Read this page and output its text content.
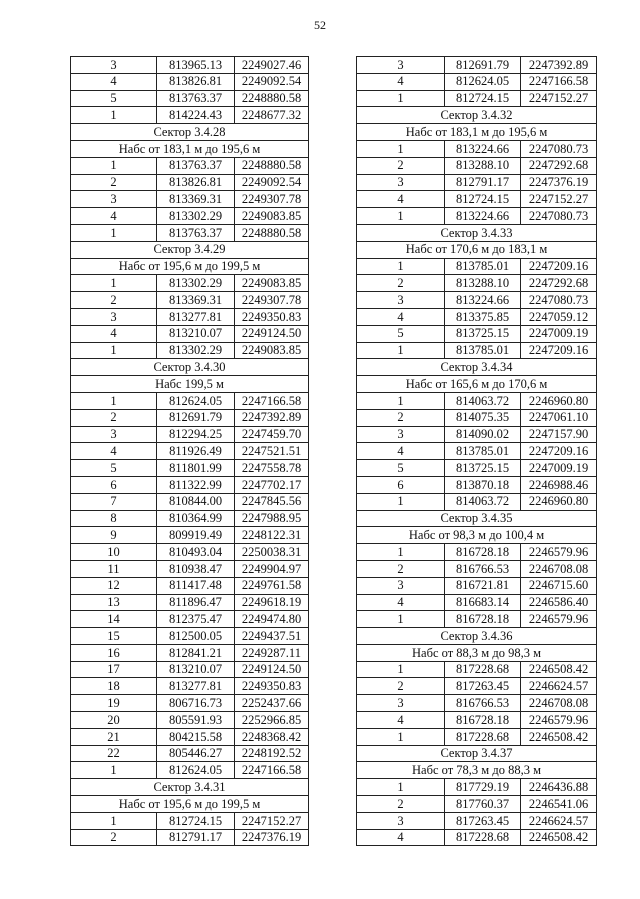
52
3	813965.13	2249027.46
4	813826.81	2249092.54
5	813763.37	2248880.58
1	814224.43	2248677.32
Сектор 3.4.28		
Набс от 183,1 м до 195,6 м		
1	813763.37	2248880.58
2	813826.81	2249092.54
3	813369.31	2249307.78
4	813302.29	2249083.85
1	813763.37	2248880.58
Сектор 3.4.29		
Набс от 195,6 м до 199,5 м		
1	813302.29	2249083.85
2	813369.31	2249307.78
3	813277.81	2249350.83
4	813210.07	2249124.50
1	813302.29	2249083.85
Сектор 3.4.30		
Набс 199,5 м		
1	812624.05	2247166.58
2	812691.79	2247392.89
3	812294.25	2247459.70
4	811926.49	2247521.51
5	811801.99	2247558.78
6	811322.99	2247702.17
7	810844.00	2247845.56
8	810364.99	2247988.95
9	809919.49	2248122.31
10	810493.04	2250038.31
11	810938.47	2249904.97
12	811417.48	2249761.58
13	811896.47	2249618.19
14	812375.47	2249474.80
15	812500.05	2249437.51
16	812841.21	2249287.11
17	813210.07	2249124.50
18	813277.81	2249350.83
19	806716.73	2252437.66
20	805591.93	2252966.85
21	804215.58	2248368.42
22	805446.27	2248192.52
1	812624.05	2247166.58
Сектор 3.4.31		
Набс от 195,6 м до 199,5 м		
1	812724.15	2247152.27
2	812791.17	2247376.19
3	812691.79	2247392.89
4	812624.05	2247166.58
1	812724.15	2247152.27
Сектор 3.4.32		
Набс от 183,1 м до 195,6 м		
1	813224.66	2247080.73
2	813288.10	2247292.68
3	812791.17	2247376.19
4	812724.15	2247152.27
1	813224.66	2247080.73
Сектор 3.4.33		
Набс от 170,6 м до 183,1 м		
1	813785.01	2247209.16
2	813288.10	2247292.68
3	813224.66	2247080.73
4	813375.85	2247059.12
5	813725.15	2247009.19
1	813785.01	2247209.16
Сектор 3.4.34		
Набс от 165,6 м до 170,6 м		
1	814063.72	2246960.80
2	814075.35	2247061.10
3	814090.02	2247157.90
4	813785.01	2247209.16
5	813725.15	2247009.19
6	813870.18	2246988.46
1	814063.72	2246960.80
Сектор 3.4.35		
Набс от 98,3 м до 100,4 м		
1	816728.18	2246579.96
2	816766.53	2246708.08
3	816721.81	2246715.60
4	816683.14	2246586.40
1	816728.18	2246579.96
Сектор 3.4.36		
Набс от 88,3 м до 98,3 м		
1	817228.68	2246508.42
2	817263.45	2246624.57
3	816766.53	2246708.08
4	816728.18	2246579.96
1	817228.68	2246508.42
Сектор 3.4.37		
Набс от 78,3 м до 88,3 м		
1	817729.19	2246436.88
2	817760.37	2246541.06
3	817263.45	2246624.57
4	817228.68	2246508.42
